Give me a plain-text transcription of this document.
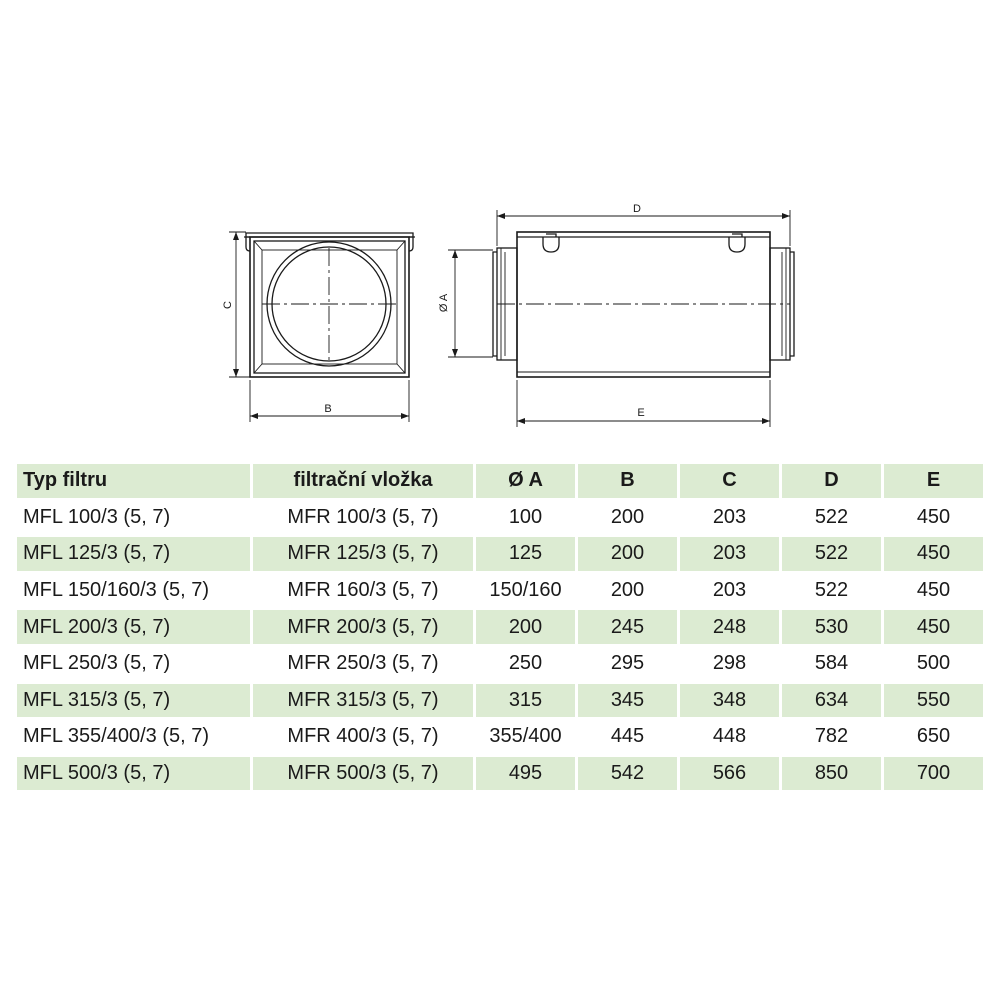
C
B
D
Ø A
E
Typ filtru	filtrační vložka	Ø A	B	C	D	E
MFL 100/3 (5, 7)	MFR 100/3 (5, 7)	100	200	203	522	450
MFL 125/3 (5, 7)	MFR 125/3 (5, 7)	125	200	203	522	450
MFL 150/160/3 (5, 7)	MFR 160/3 (5, 7)	150/160	200	203	522	450
MFL 200/3 (5, 7)	MFR 200/3 (5, 7)	200	245	248	530	450
MFL 250/3 (5, 7)	MFR 250/3 (5, 7)	250	295	298	584	500
MFL 315/3 (5, 7)	MFR 315/3 (5, 7)	315	345	348	634	550
MFL 355/400/3 (5, 7)	MFR 400/3 (5, 7)	355/400	445	448	782	650
MFL 500/3 (5, 7)	MFR 500/3 (5, 7)	495	542	566	850	700
